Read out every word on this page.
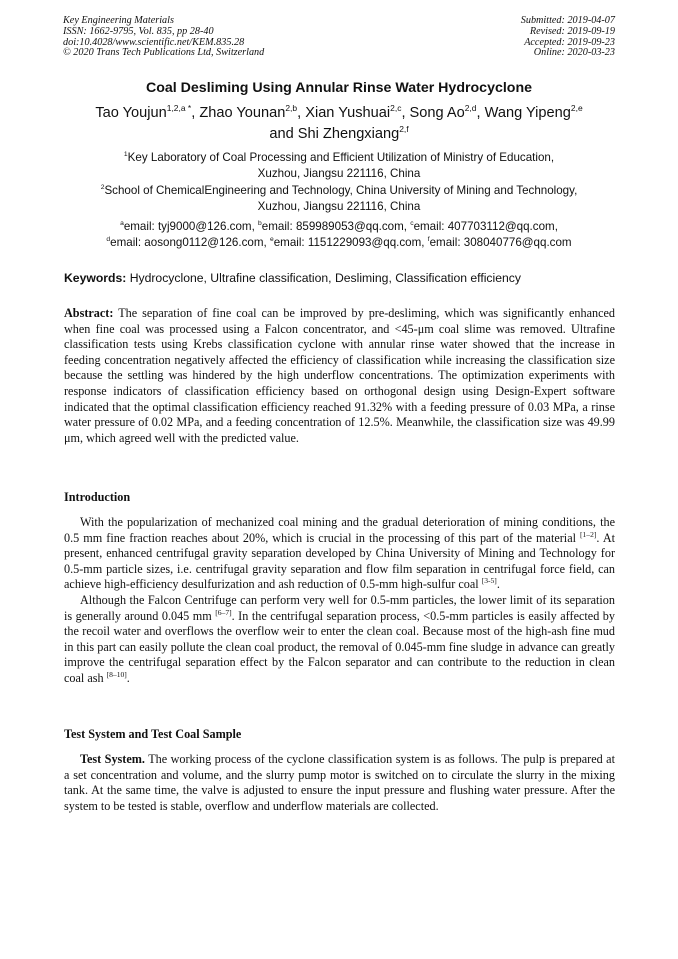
Key Engineering Materials
ISSN: 1662-9795, Vol. 835, pp 28-40
doi:10.4028/www.scientific.net/KEM.835.28
© 2020 Trans Tech Publications Ltd, Switzerland
Submitted: 2019-04-07
Revised: 2019-09-19
Accepted: 2019-09-23
Online: 2020-03-23
Coal Desliming Using Annular Rinse Water Hydrocyclone
Tao Youjun$^{1,2,a *}$, Zhao Younan$^{2,b}$, Xian Yushuai$^{2,c}$, Song Ao$^{2,d}$, Wang Yipeng$^{2,e}$
and Shi Zhengxiang$^{2,f}$
$^1$Key Laboratory of Coal Processing and Efficient Utilization of Ministry of Education,
Xuzhou, Jiangsu 221116, China
$^2$School of ChemicalEngineering and Technology, China University of Mining and Technology,
Xuzhou, Jiangsu 221116, China
$^a$email: tyj9000@126.com, $^b$email: 859989053@qq.com, $^c$email: 407703112@qq.com,
$^d$email: aosong0112@126.com, $^e$email: 1151229093@qq.com, $^f$email: 308040776@qq.com
Keywords: Hydrocyclone, Ultrafine classification, Desliming, Classification efficiency
Abstract: The separation of fine coal can be improved by pre-desliming, which was significantly enhanced when fine coal was processed using a Falcon concentrator, and <45-μm coal slime was removed. Ultrafine classification tests using Krebs classification cyclone with annular rinse water showed that the increase in feeding concentration negatively affected the efficiency of classification while increasing the classification size because the settling was hindered by the high underflow concentrations. The optimization experiments with response indicators of classification efficiency based on orthogonal design using Design-Expert software indicated that the optimal classification efficiency reached 91.32% with a feeding pressure of 0.03 MPa, a rinse water pressure of 0.02 MPa, and a feeding concentration of 12.5%. Meanwhile, the classification size was 49.99 μm, which agreed well with the predicted value.
Introduction

With the popularization of mechanized coal mining and the gradual deterioration of mining conditions, the 0.5 mm fine fraction reaches about 20%, which is crucial in the processing of this part of the material [1–2]. At present, enhanced centrifugal gravity separation developed by China University of Mining and Technology for 0.5-mm particle sizes, i.e. centrifugal gravity separation and flow film separation in centrifugal force field, can achieve high-efficiency desulfurization and ash reduction of 0.5-mm high-sulfur coal [3-5].

Although the Falcon Centrifuge can perform very well for 0.5-mm particles, the lower limit of its separation is generally around 0.045 mm [6–7]. In the centrifugal separation process, <0.5-mm particles is easily affected by the recoil water and overflows the overflow weir to enter the clean coal. Because most of the high-ash fine mud in this part can easily pollute the clean coal product, the removal of 0.045-mm fine sludge in advance can greatly improve the centrifugal separation effect by the Falcon separator and can contribute to the reduction in clean coal ash [8–10].

Test System and Test Coal Sample

Test System. The working process of the cyclone classification system is as follows. The pulp is prepared at a set concentration and volume, and the slurry pump motor is switched on to circulate the slurry in the mixing tank. At the same time, the valve is adjusted to ensure the input pressure and flushing water pressure. After the system to be tested is stable, overflow and underflow materials are collected.
